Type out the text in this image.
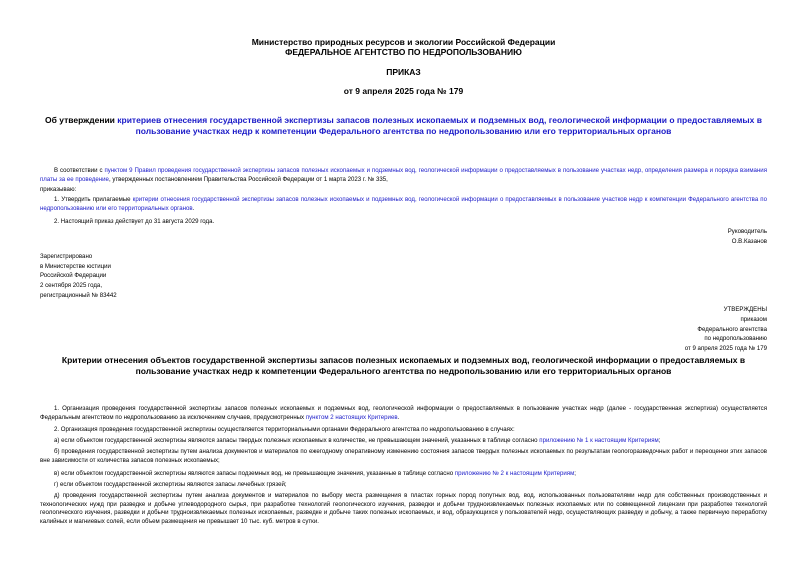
Министерство природных ресурсов и экологии Российской Федерации
ФЕДЕРАЛЬНОЕ АГЕНТСТВО ПО НЕДРОПОЛЬЗОВАНИЮ
ПРИКАЗ
от 9 апреля 2025 года № 179
Об утверждении критериев отнесения государственной экспертизы запасов полезных ископаемых и подземных вод, геологической информации о предоставляемых в пользование участках недр к компетенции Федерального агентства по недропользованию или его территориальных органов
В соответствии с пунктом 9 Правил проведения государственной экспертизы запасов полезных ископаемых и подземных вод, геологической информации о предоставляемых в пользование участках недр, определения размера и порядка взимания платы за ее проведение, утвержденных постановлением Правительства Российской Федерации от 1 марта 2023 г. № 335,
приказываю:
1. Утвердить прилагаемые критерии отнесения государственной экспертизы запасов полезных ископаемых и подземных вод, геологической информации о предоставляемых в пользование участков недр к компетенции Федерального агентства по недропользованию или его территориальных органов.
2. Настоящий приказ действует до 31 августа 2029 года.
Руководитель
О.В.Казанов
Зарегистрировано
в Министерстве юстиции
Российской Федерации
2 сентября 2025 года,
регистрационный № 83442
УТВЕРЖДЕНЫ
приказом
Федерального агентства
по недропользованию
от 9 апреля 2025 года № 179
Критерии отнесения объектов государственной экспертизы запасов полезных ископаемых и подземных вод, геологической информации о предоставляемых в пользование участках недр к компетенции Федерального агентства по недропользованию или его территориальных органов
1. Организация проведения государственной экспертизы запасов полезных ископаемых и подземных вод, геологической информации о предоставляемых в пользование участках недр (далее - государственная экспертиза) осуществляется Федеральным агентством по недропользованию за исключением случаев, предусмотренных пунктом 2 настоящих Критериев.
2. Организация проведения государственной экспертизы осуществляется территориальными органами Федерального агентства по недропользованию в случаях:
а) если объектом государственной экспертизы являются запасы твердых полезных ископаемых в количестве, не превышающем значений, указанных в таблице согласно приложению № 1 к настоящим Критериям;
б) проведения государственной экспертизы путем анализа документов и материалов по ежегодному оперативному изменению состояния запасов твердых полезных ископаемых по результатам геологоразведочных работ и переоценки этих запасов вне зависимости от количества запасов полезных ископаемых;
в) если объектом государственной экспертизы являются запасы подземных вод, не превышающие значения, указанные в таблице согласно приложению № 2 к настоящим Критериям;
г) если объектом государственной экспертизы являются запасы лечебных грязей;
д) проведения государственной экспертизы путем анализа документов и материалов по выбору места размещения в пластах горных пород попутных вод, вод, использованных пользователями недр для собственных производственных и технологических нужд при разведке и добыче углеводородного сырья, при разработке технологий геологического изучения, разведки и добычи трудноизвлекаемых полезных ископаемых или по совмещенной лицензии при разработке технологий геологического изучения, разведки и добычи трудноизвлекаемых полезных ископаемых, разведке и добыче таких полезных ископаемых, и вод, образующихся у пользователей недр, осуществляющих разведку и добычу, а также первичную переработку калийных и магниевых солей, если объем размещения не превышает 10 тыс. куб. метров в сутки.
